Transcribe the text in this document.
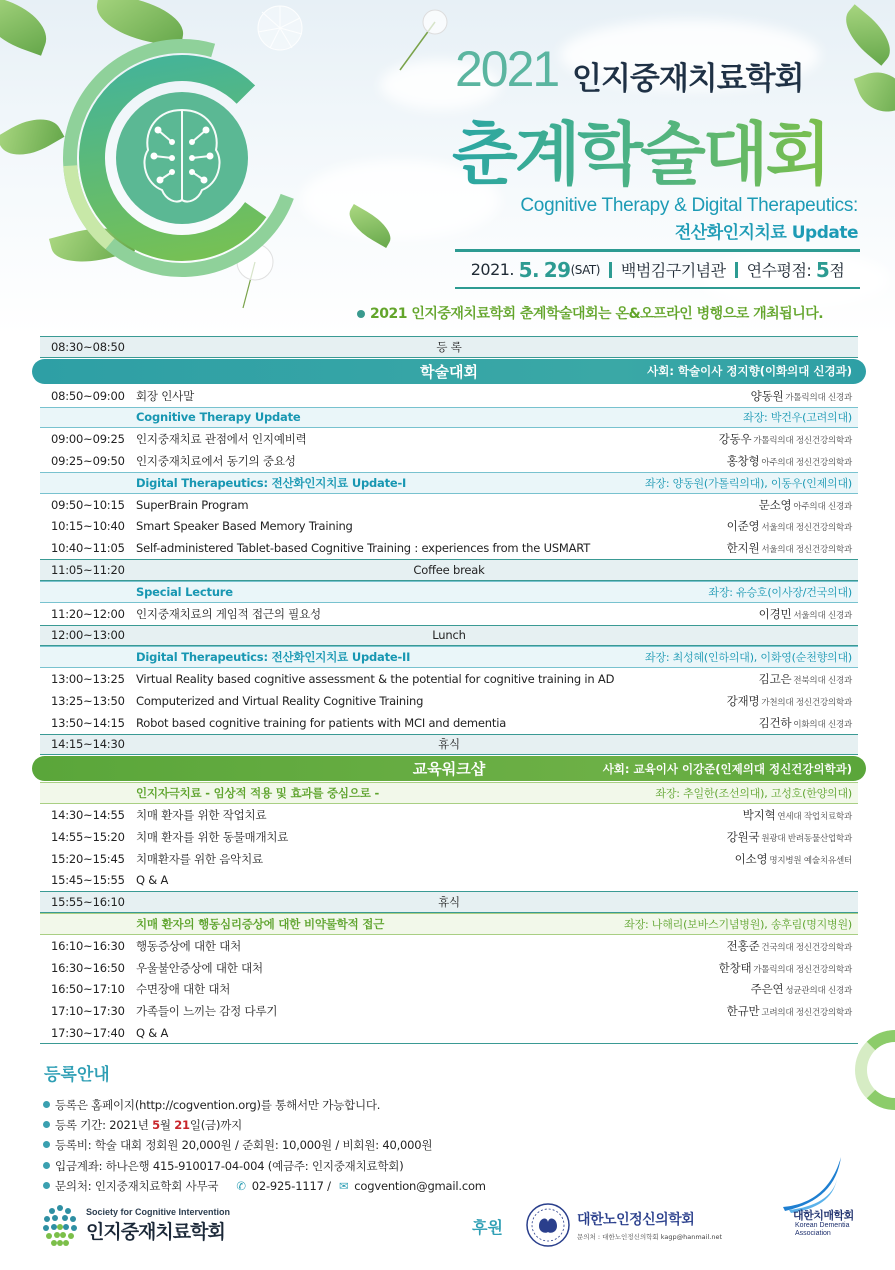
2021 인지중재치료학회
춘계학술대회
Cognitive Therapy & Digital Therapeutics:
전산화인지치료 Update
2021.
5.
29 (SAT) 백범김구기념관 연수평점:
5 점
2021 인지중재치료학회 춘계학술대회는 온&오프라인 병행으로 개최됩니다.
08:30~08:50	등 록
학술대회	사회: 학술이사 정지향(이화의대 신경과)
08:50~09:00 회장 인사말	양동원 가톨릭의대 신경과
Cognitive Therapy Update	좌장: 박건우(고려의대)
09:00~09:25 인지중재치료 관점에서 인지예비력	강동우 가톨릭의대 정신건강의학과
09:25~09:50 인지중재치료에서 동기의 중요성	홍창형 아주의대 정신건강의학과
Digital Therapeutics: 전산화인지치료 Update-I	좌장: 양동원(가톨릭의대), 이동우(인제의대)
09:50~10:15 SuperBrain Program	문소영 아주의대 신경과
10:15~10:40 Smart Speaker Based Memory Training	이준영 서울의대 정신건강의학과
10:40~11:05 Self-administered Tablet-based Cognitive Training : experiences from the USMART	한지원 서울의대 정신건강의학과
11:05~11:20	Coffee break
Special Lecture	좌장: 유승호(이사장/건국의대)
11:20~12:00 인지중재치료의 게임적 접근의 필요성	이경민 서울의대 신경과
12:00~13:00	Lunch
Digital Therapeutics: 전산화인지치료 Update-II	좌장: 최성혜(인하의대), 이화영(순천향의대)
13:00~13:25 Virtual Reality based cognitive assessment & the potential for cognitive training in AD	김고은 전북의대 신경과
13:25~13:50 Computerized and Virtual Reality Cognitive Training	강재명 가천의대 정신건강의학과
13:50~14:15 Robot based cognitive training for patients with MCI and dementia	김건하 이화의대 신경과
14:15~14:30	휴식
교육워크샵	사회: 교육이사 이강준(인제의대 정신건강의학과)
인지자극치료 - 임상적 적용 및 효과를 중심으로 -	좌장: 추일한(조선의대), 고성호(한양의대)
14:30~14:55 치매 환자를 위한 작업치료	박지혁 연세대 작업치료학과
14:55~15:20 치매 환자를 위한 동물매개치료	강원국 원광대 반려동물산업학과
15:20~15:45 치매환자를 위한 음악치료	이소영 명지병원 예술치유센터
15:45~15:55 Q & A
15:55~16:10	휴식
치매 환자의 행동심리증상에 대한 비약물학적 접근	좌장: 나해리(보바스기념병원), 송후림(명지병원)
16:10~16:30 행동증상에 대한 대처	전홍준 건국의대 정신건강의학과
16:30~16:50 우울불안증상에 대한 대처	한창태 가톨릭의대 정신건강의학과
16:50~17:10 수면장애 대한 대처	주은연 성균관의대 신경과
17:10~17:30 가족들이 느끼는 감정 다루기	한규만 고려의대 정신건강의학과
17:30~17:40 Q & A
등록안내
등록은 홈페이지(http://cogvention.org)를 통해서만 가능합니다.
등록 기간: 2021년 5월 21일(금)까지
등록비: 학술 대회 정회원 20,000원 / 준회원: 10,000원 / 비회원: 40,000원
입금계좌: 하나은행 415-910017-04-004 (예금주: 인지중재치료학회)
문의처: 인지중재치료학회 사무국 ✆ 02-925-1117 / ✉ cogvention@gmail.com
Society for Cognitive Intervention
인지중재치료학회	후원	대한노인정신의학회
문의처 : 대한노인정신의학회 kagp@hanmail.net
대한치매학회
Korean Dementia
Association
